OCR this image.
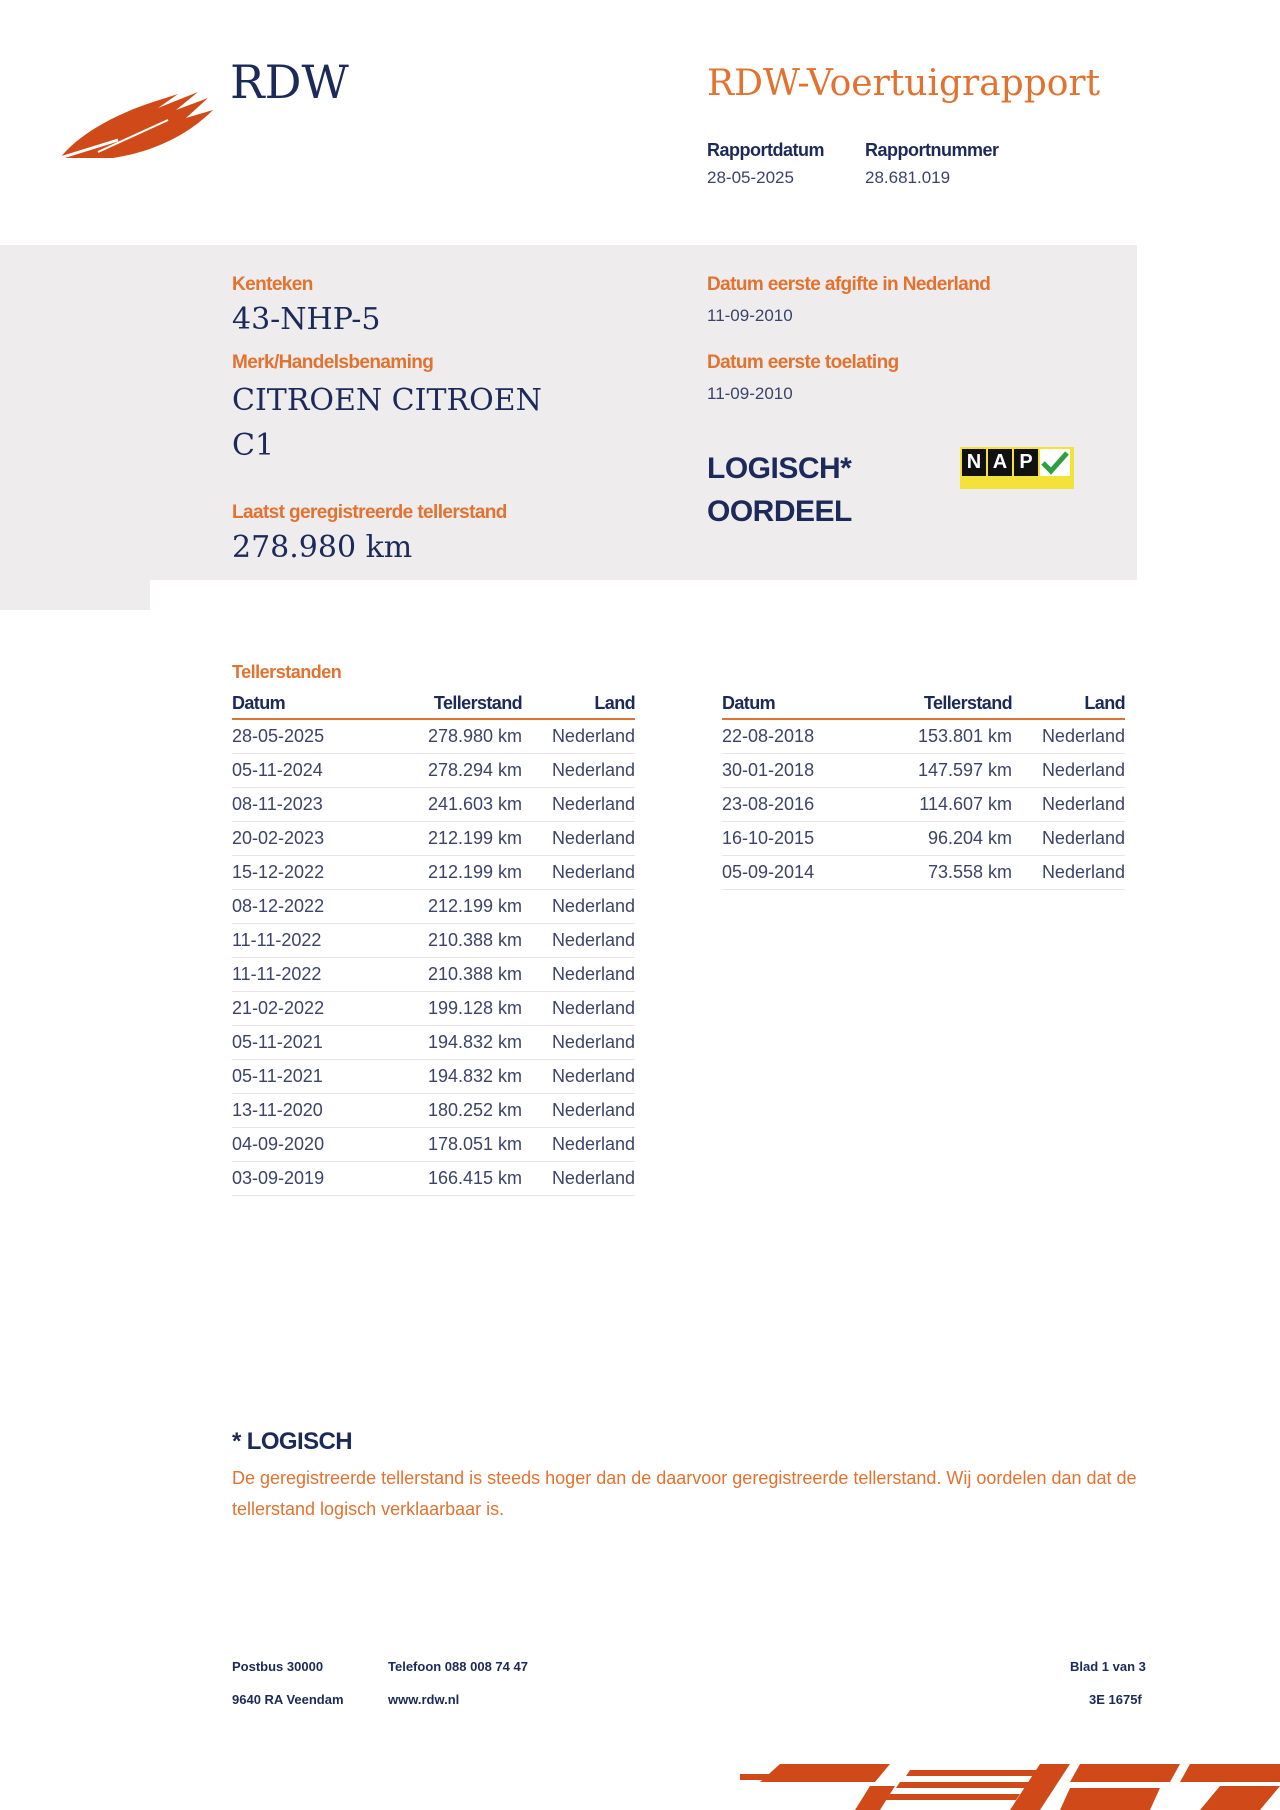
RDW	RDW-Voertuigrapport
Rapportdatum
28-05-2025
Rapportnummer
28.681.019
Kenteken
43-NHP-5
Merk/Handelsbenaming
CITROEN CITROEN
C1
Laatst geregistreerde tellerstand
278.980 km
Datum eerste afgifte in Nederland
11-09-2010
Datum eerste toelating
11-09-2010
LOGISCH*
OORDEEL
N A P
Tellerstanden
Datum	Tellerstand	Land
28-05-2025	278.980 km	Nederland
05-11-2024	278.294 km	Nederland
08-11-2023	241.603 km	Nederland
20-02-2023	212.199 km	Nederland
15-12-2022	212.199 km	Nederland
08-12-2022	212.199 km	Nederland
11-11-2022	210.388 km	Nederland
11-11-2022	210.388 km	Nederland
21-02-2022	199.128 km	Nederland
05-11-2021	194.832 km	Nederland
05-11-2021	194.832 km	Nederland
13-11-2020	180.252 km	Nederland
04-09-2020	178.051 km	Nederland
03-09-2019	166.415 km	Nederland
Datum	Tellerstand	Land
22-08-2018	153.801 km	Nederland
30-01-2018	147.597 km	Nederland
23-08-2016	114.607 km	Nederland
16-10-2015	96.204 km	Nederland
05-09-2014	73.558 km	Nederland
* LOGISCH
De geregistreerde tellerstand is steeds hoger dan de daarvoor geregistreerde tellerstand. Wij oordelen dan dat de tellerstand logisch verklaarbaar is.
Postbus 30000
9640 RA Veendam
Telefoon 088 008 74 47
www.rdw.nl
Blad 1 van 3
3E 1675f
